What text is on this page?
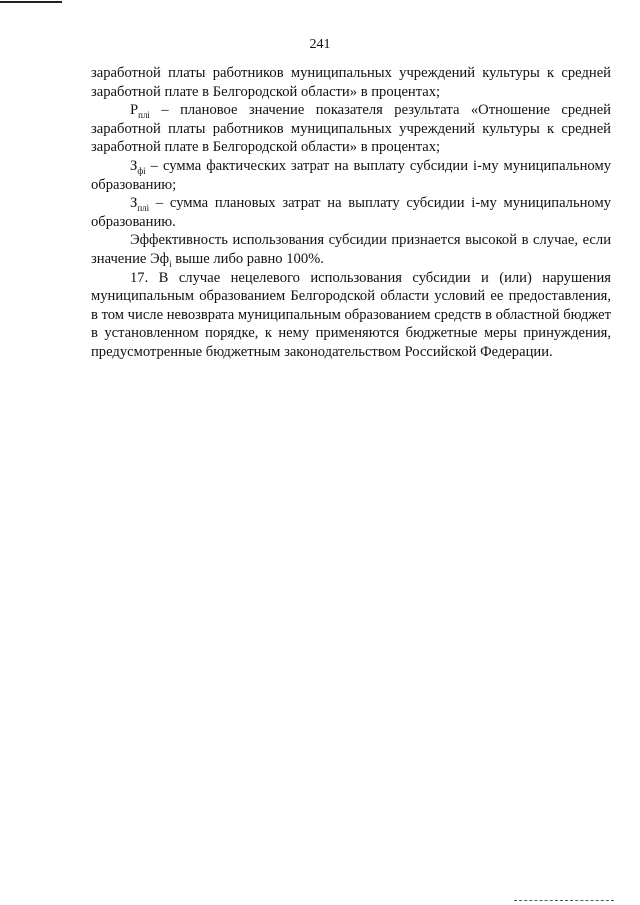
241

заработной платы работников муниципальных учреждений культуры к средней заработной плате в Белгородской области» в процентах;

$Р_{плi}$ – плановое значение показателя результата «Отношение средней заработной платы работников муниципальных учреждений культуры к средней заработной плате в Белгородской области» в процентах;

$З_{фi}$ – сумма фактических затрат на выплату субсидии i-му муниципальному образованию;

$З_{плi}$ – сумма плановых затрат на выплату субсидии i-му муниципальному образованию.

Эффективность использования субсидии признается высокой в случае, если значение $Эф_i$ выше либо равно 100%.

17. В случае нецелевого использования субсидии и (или) нарушения муниципальным образованием Белгородской области условий ее предоставления, в том числе невозврата муниципальным образованием средств в областной бюджет в установленном порядке, к нему применяются бюджетные меры принуждения, предусмотренные бюджетным законодательством Российской Федерации.
